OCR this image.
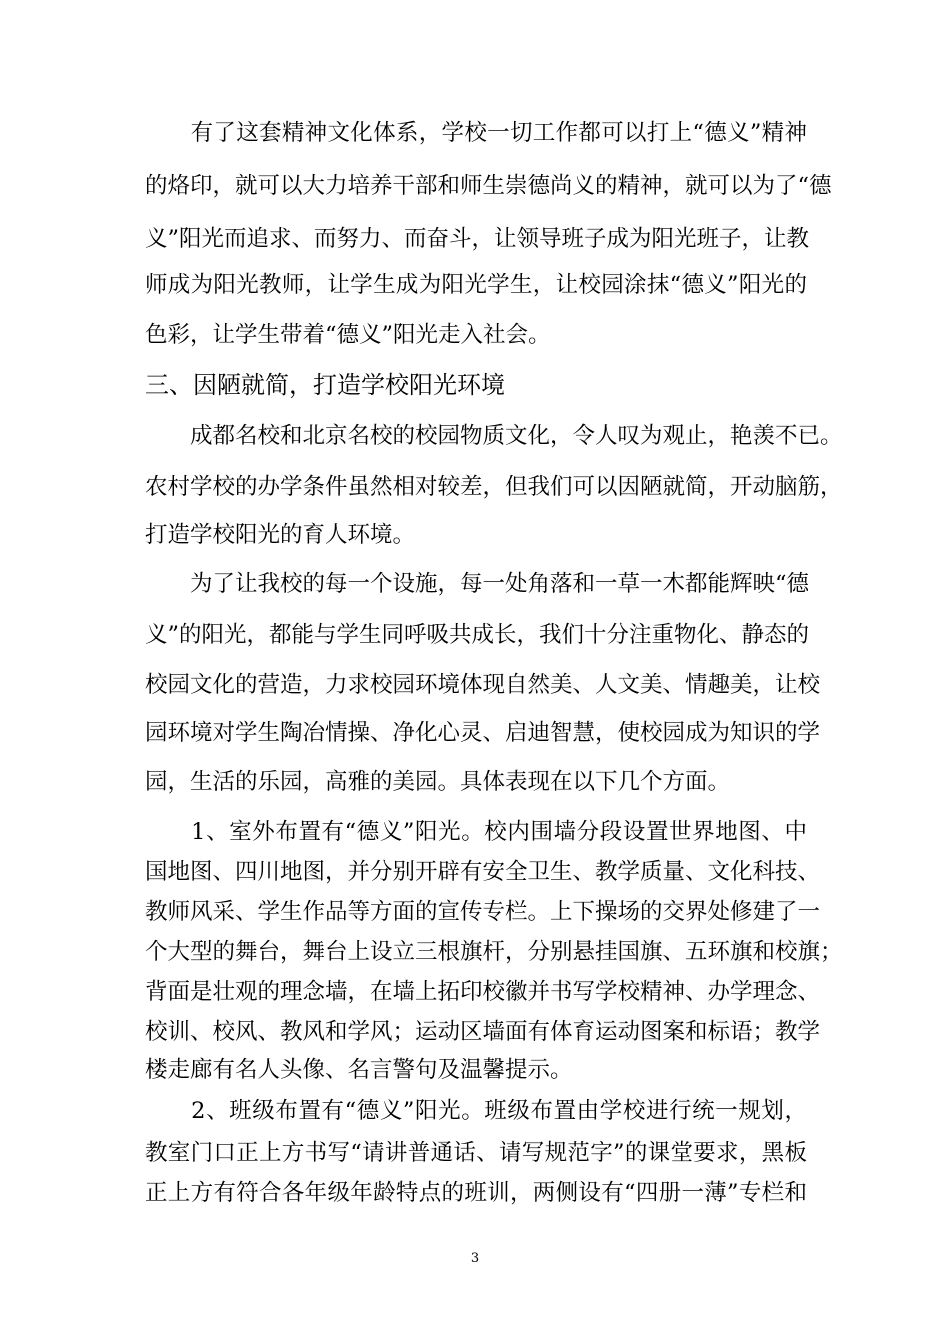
　　有了这套精神文化体系，学校一切工作都可以打上“德义”精神
的烙印，就可以大力培养干部和师生崇德尚义的精神，就可以为了“德
义”阳光而追求、而努力、而奋斗，让领导班子成为阳光班子，让教
师成为阳光教师，让学生成为阳光学生，让校园涂抹“德义”阳光的
色彩，让学生带着“德义”阳光走入社会。
三、因陋就简，打造学校阳光环境
　　成都名校和北京名校的校园物质文化，令人叹为观止，艳羡不已。
农村学校的办学条件虽然相对较差，但我们可以因陋就简，开动脑筋，
打造学校阳光的育人环境。
　　为了让我校的每一个设施，每一处角落和一草一木都能辉映“德
义”的阳光，都能与学生同呼吸共成长，我们十分注重物化、静态的
校园文化的营造，力求校园环境体现自然美、人文美、情趣美，让校
园环境对学生陶冶情操、净化心灵、启迪智慧，使校园成为知识的学
园，生活的乐园，高雅的美园。具体表现在以下几个方面。
　　1、室外布置有“德义”阳光。校内围墙分段设置世界地图、中
国地图、四川地图，并分别开辟有安全卫生、教学质量、文化科技、
教师风采、学生作品等方面的宣传专栏。上下操场的交界处修建了一
个大型的舞台，舞台上设立三根旗杆，分别悬挂国旗、五环旗和校旗；
背面是壮观的理念墙，在墙上拓印校徽并书写学校精神、办学理念、
校训、校风、教风和学风；运动区墙面有体育运动图案和标语；教学
楼走廊有名人头像、名言警句及温馨提示。
　　2、班级布置有“德义”阳光。班级布置由学校进行统一规划，
教室门口正上方书写“请讲普通话、请写规范字”的课堂要求，黑板
正上方有符合各年级年龄特点的班训，两侧设有“四册一薄”专栏和
3
